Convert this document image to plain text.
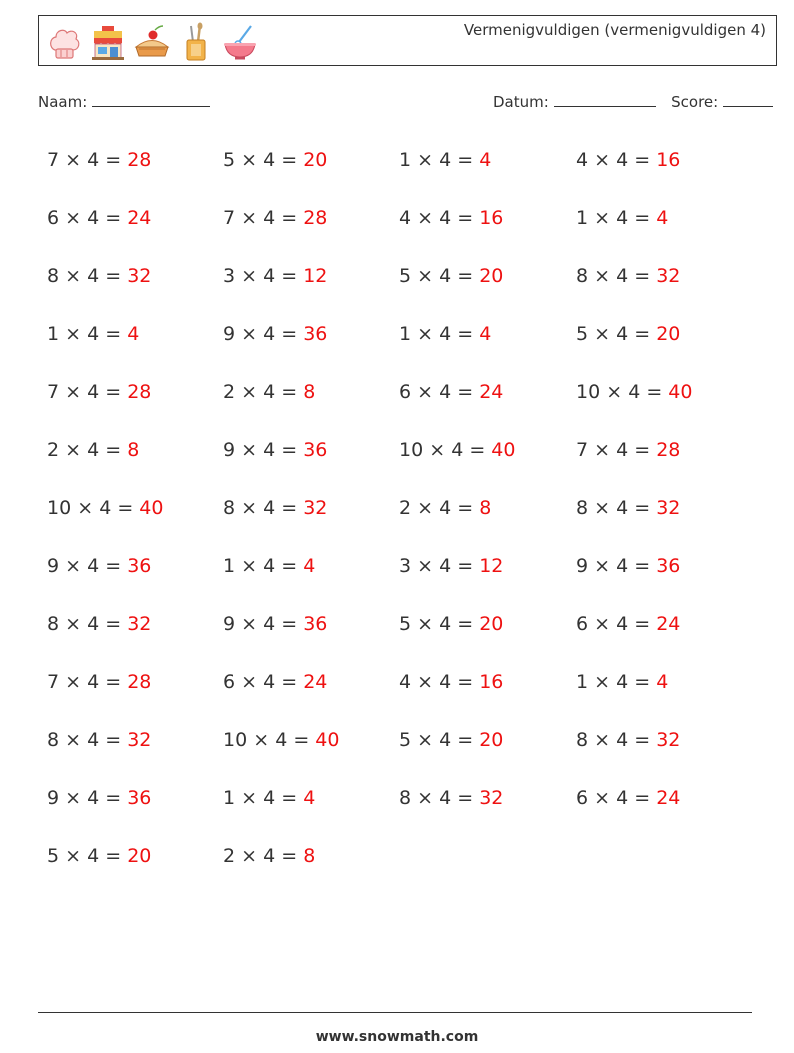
Vermenigvuldigen (vermenigvuldigen 4)
Naam:	Datum:	Score:
7 × 4 = 28
6 × 4 = 24
8 × 4 = 32
1 × 4 = 4
7 × 4 = 28
2 × 4 = 8
10 × 4 = 40
9 × 4 = 36
8 × 4 = 32
7 × 4 = 28
8 × 4 = 32
9 × 4 = 36
5 × 4 = 20
5 × 4 = 20
7 × 4 = 28
3 × 4 = 12
9 × 4 = 36
2 × 4 = 8
9 × 4 = 36
8 × 4 = 32
1 × 4 = 4
9 × 4 = 36
6 × 4 = 24
10 × 4 = 40
1 × 4 = 4
2 × 4 = 8
1 × 4 = 4
4 × 4 = 16
5 × 4 = 20
1 × 4 = 4
6 × 4 = 24
10 × 4 = 40
2 × 4 = 8
3 × 4 = 12
5 × 4 = 20
4 × 4 = 16
5 × 4 = 20
8 × 4 = 32
4 × 4 = 16
1 × 4 = 4
8 × 4 = 32
5 × 4 = 20
10 × 4 = 40
7 × 4 = 28
8 × 4 = 32
9 × 4 = 36
6 × 4 = 24
1 × 4 = 4
8 × 4 = 32
6 × 4 = 24
www.snowmath.com
